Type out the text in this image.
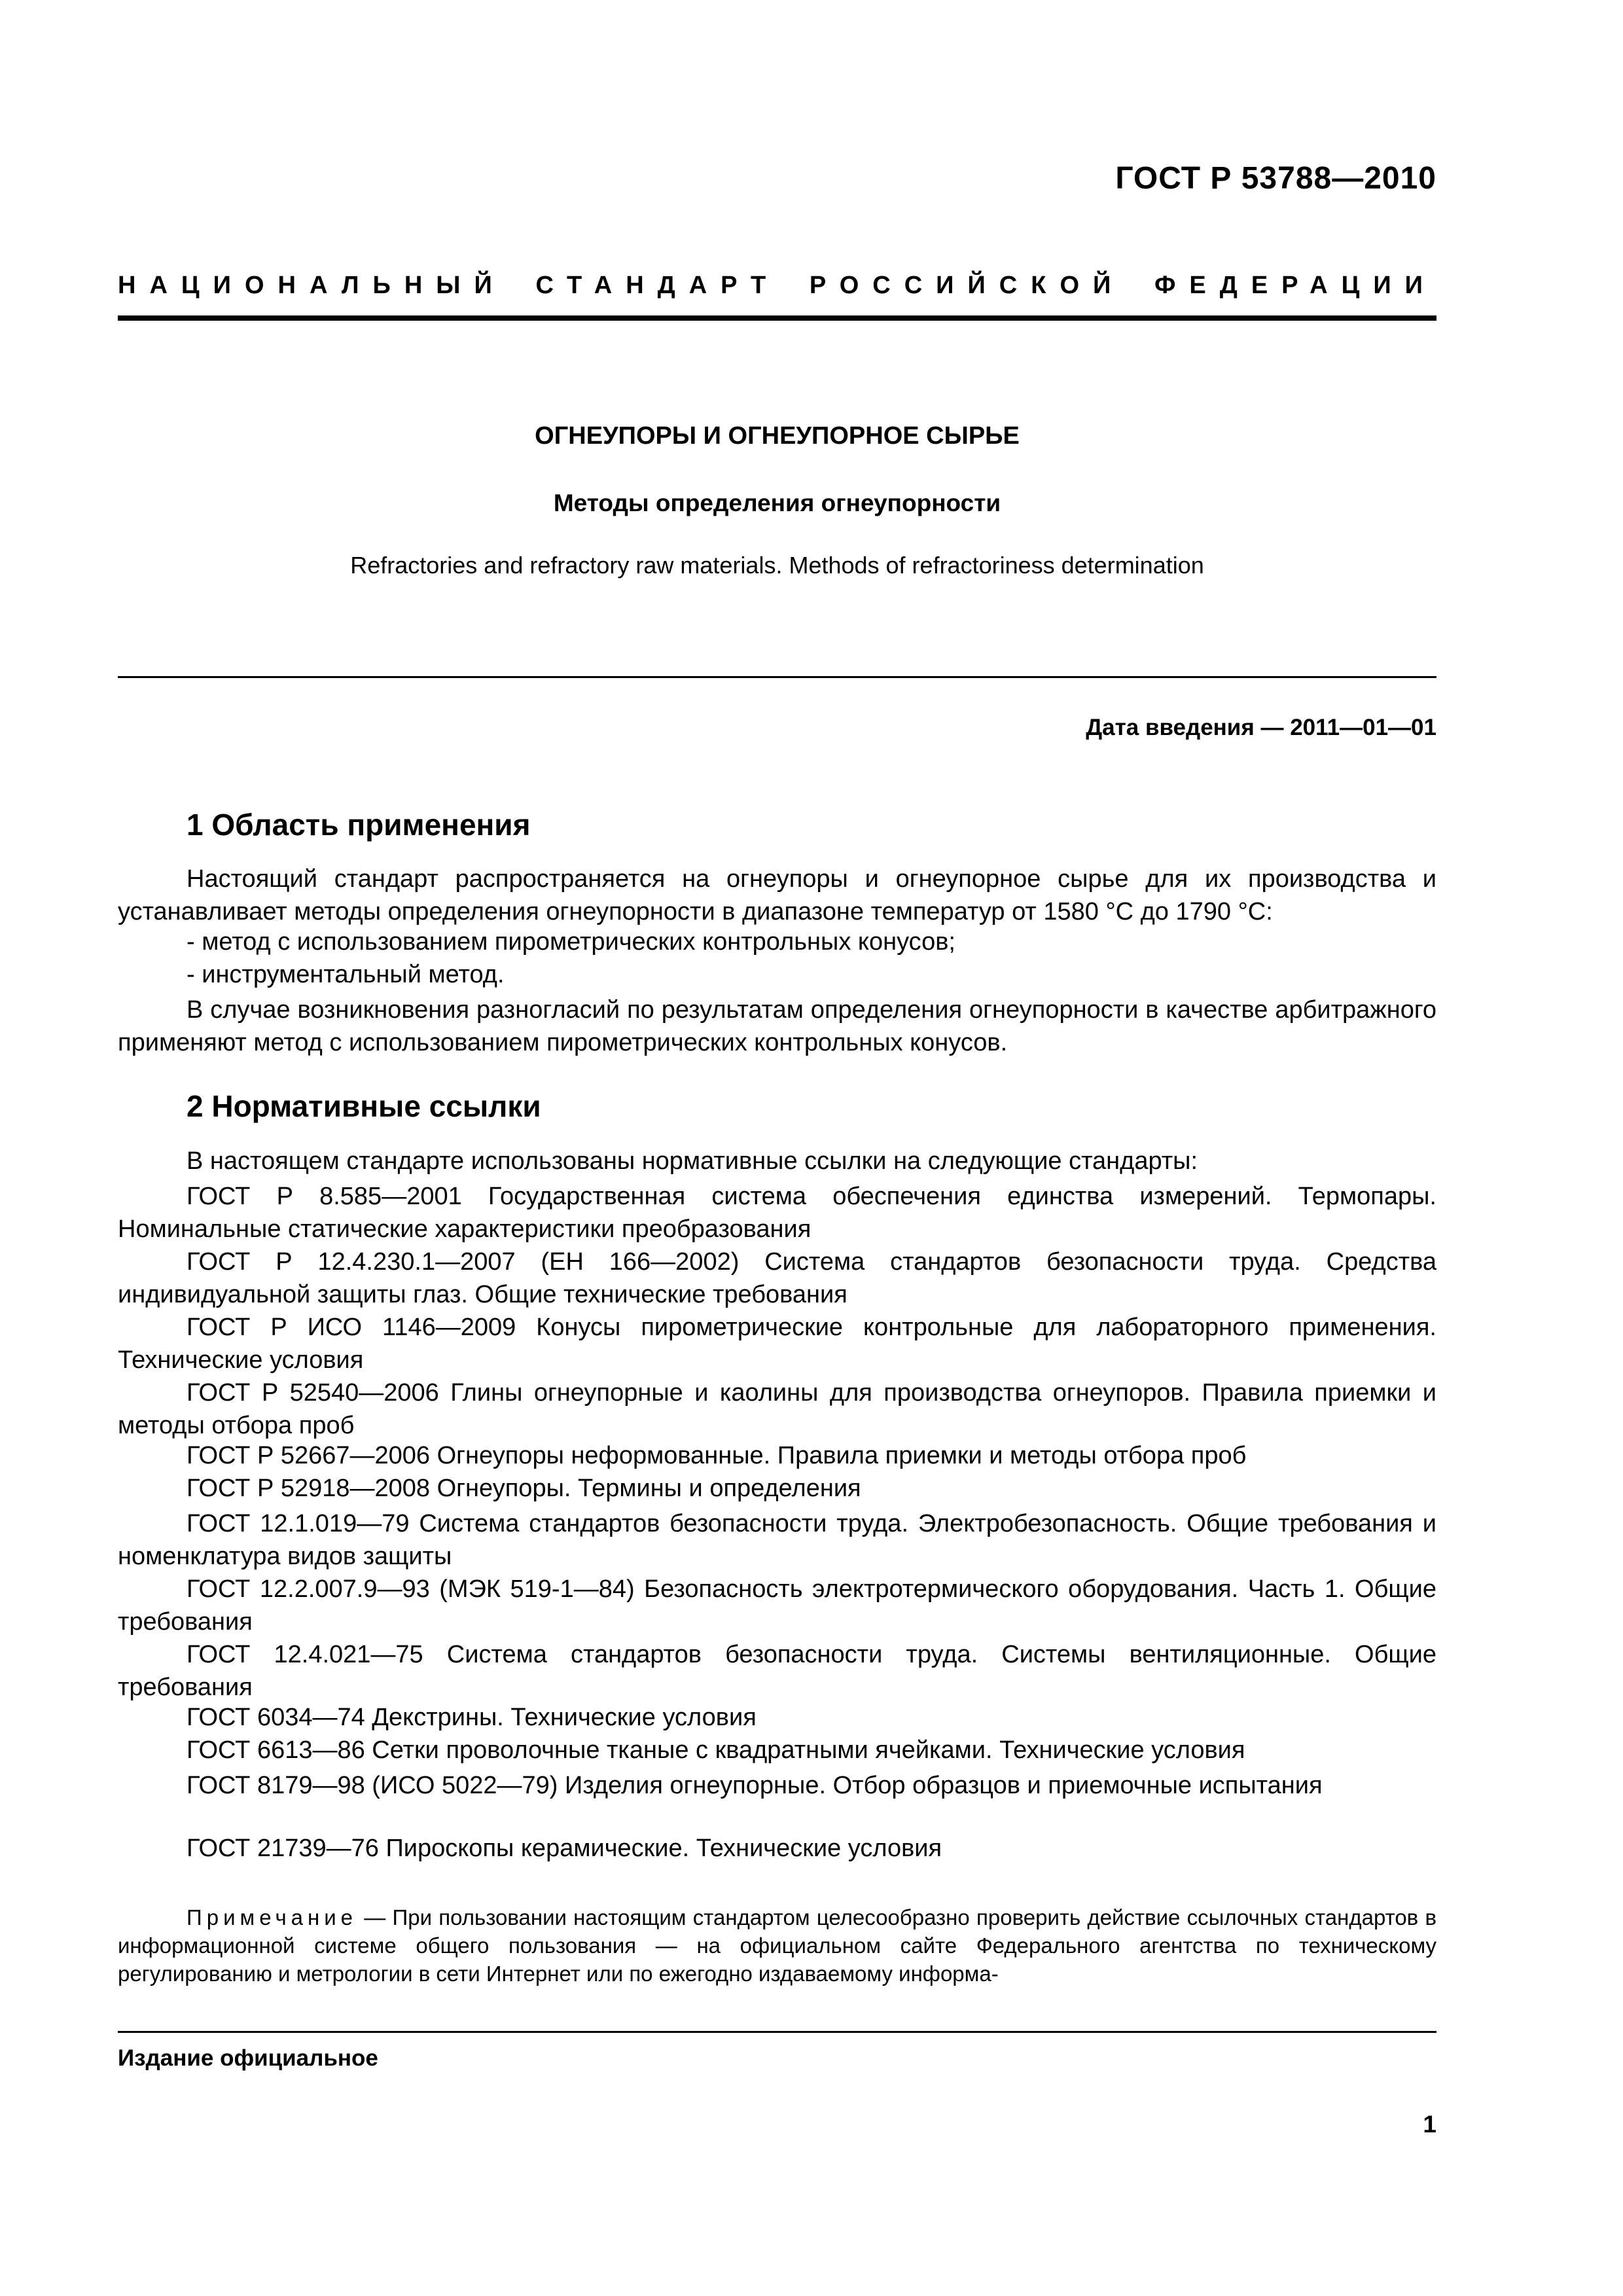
ГОСТ Р 53788—2010
НАЦИОНАЛЬНЫЙ СТАНДАРТ РОССИЙСКОЙ ФЕДЕРАЦИИ
ОГНЕУПОРЫ И ОГНЕУПОРНОЕ СЫРЬЕ
Методы определения огнеупорности
Refractories and refractory raw materials. Methods of refractoriness determination
Дата введения — 2011—01—01
1 Область применения
Настоящий стандарт распространяется на огнеупоры и огнеупорное сырье для их производства и устанавливает методы определения огнеупорности в диапазоне температур от 1580 °С до 1790 °С:
- метод с использованием пирометрических контрольных конусов;
- инструментальный метод.
В случае возникновения разногласий по результатам определения огнеупорности в качестве арбитражного применяют метод с использованием пирометрических контрольных конусов.
2 Нормативные ссылки
В настоящем стандарте использованы нормативные ссылки на следующие стандарты:
ГОСТ Р 8.585—2001 Государственная система обеспечения единства измерений. Термопары. Номинальные статические характеристики преобразования
ГОСТ Р 12.4.230.1—2007 (ЕН 166—2002) Система стандартов безопасности труда. Средства индивидуальной защиты глаз. Общие технические требования
ГОСТ Р ИСО 1146—2009 Конусы пирометрические контрольные для лабораторного применения. Технические условия
ГОСТ Р 52540—2006 Глины огнеупорные и каолины для производства огнеупоров. Правила приемки и методы отбора проб
ГОСТ Р 52667—2006 Огнеупоры неформованные. Правила приемки и методы отбора проб
ГОСТ Р 52918—2008 Огнеупоры. Термины и определения
ГОСТ 12.1.019—79 Система стандартов безопасности труда. Электробезопасность. Общие требования и номенклатура видов защиты
ГОСТ 12.2.007.9—93 (МЭК 519-1—84) Безопасность электротермического оборудования. Часть 1. Общие требования
ГОСТ 12.4.021—75 Система стандартов безопасности труда. Системы вентиляционные. Общие требования
ГОСТ 6034—74 Декстрины. Технические условия
ГОСТ 6613—86 Сетки проволочные тканые с квадратными ячейками. Технические условия
ГОСТ 8179—98 (ИСО 5022—79) Изделия огнеупорные. Отбор образцов и приемочные испытания
ГОСТ 21739—76 Пироскопы керамические. Технические условия
Примечание — При пользовании настоящим стандартом целесообразно проверить действие ссылочных стандартов в информационной системе общего пользования — на официальном сайте Федерального агентства по техническому регулированию и метрологии в сети Интернет или по ежегодно издаваемому информа-
Издание официальное
1
